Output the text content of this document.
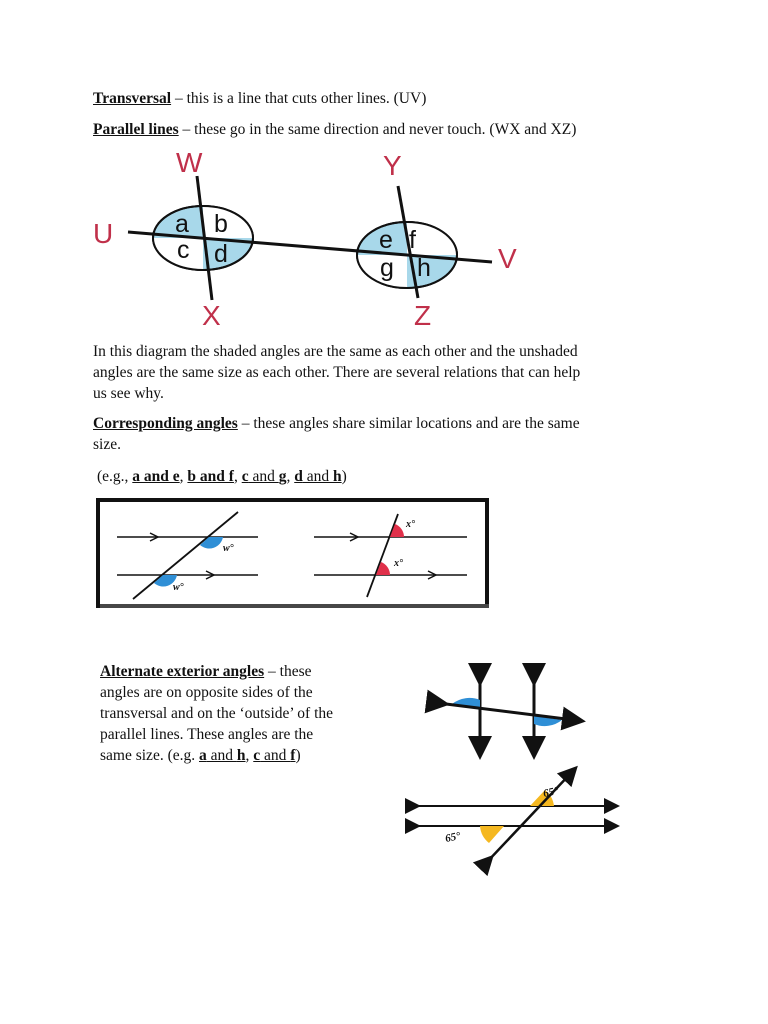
Transversal – this is a line that cuts other lines. (UV)

Parallel lines – these go in the same direction and never touch. (WX and XZ)

W
X
Y
Z
U
V
a b
c d	e f
g h

In this diagram the shaded angles are the same as each other and the unshaded
angles are the same size as each other. There are several relations that can help
us see why.

Corresponding angles – these angles share similar locations and are the same
size.

(e.g., a and e, b and f, c and g, d and h)

w°
w°
x°
x°

Alternate exterior angles – these
angles are on opposite sides of the
transversal and on the ‘outside’ of the
parallel lines. These angles are the
same size. (e.g. a and h, c and f)

65°
65°
